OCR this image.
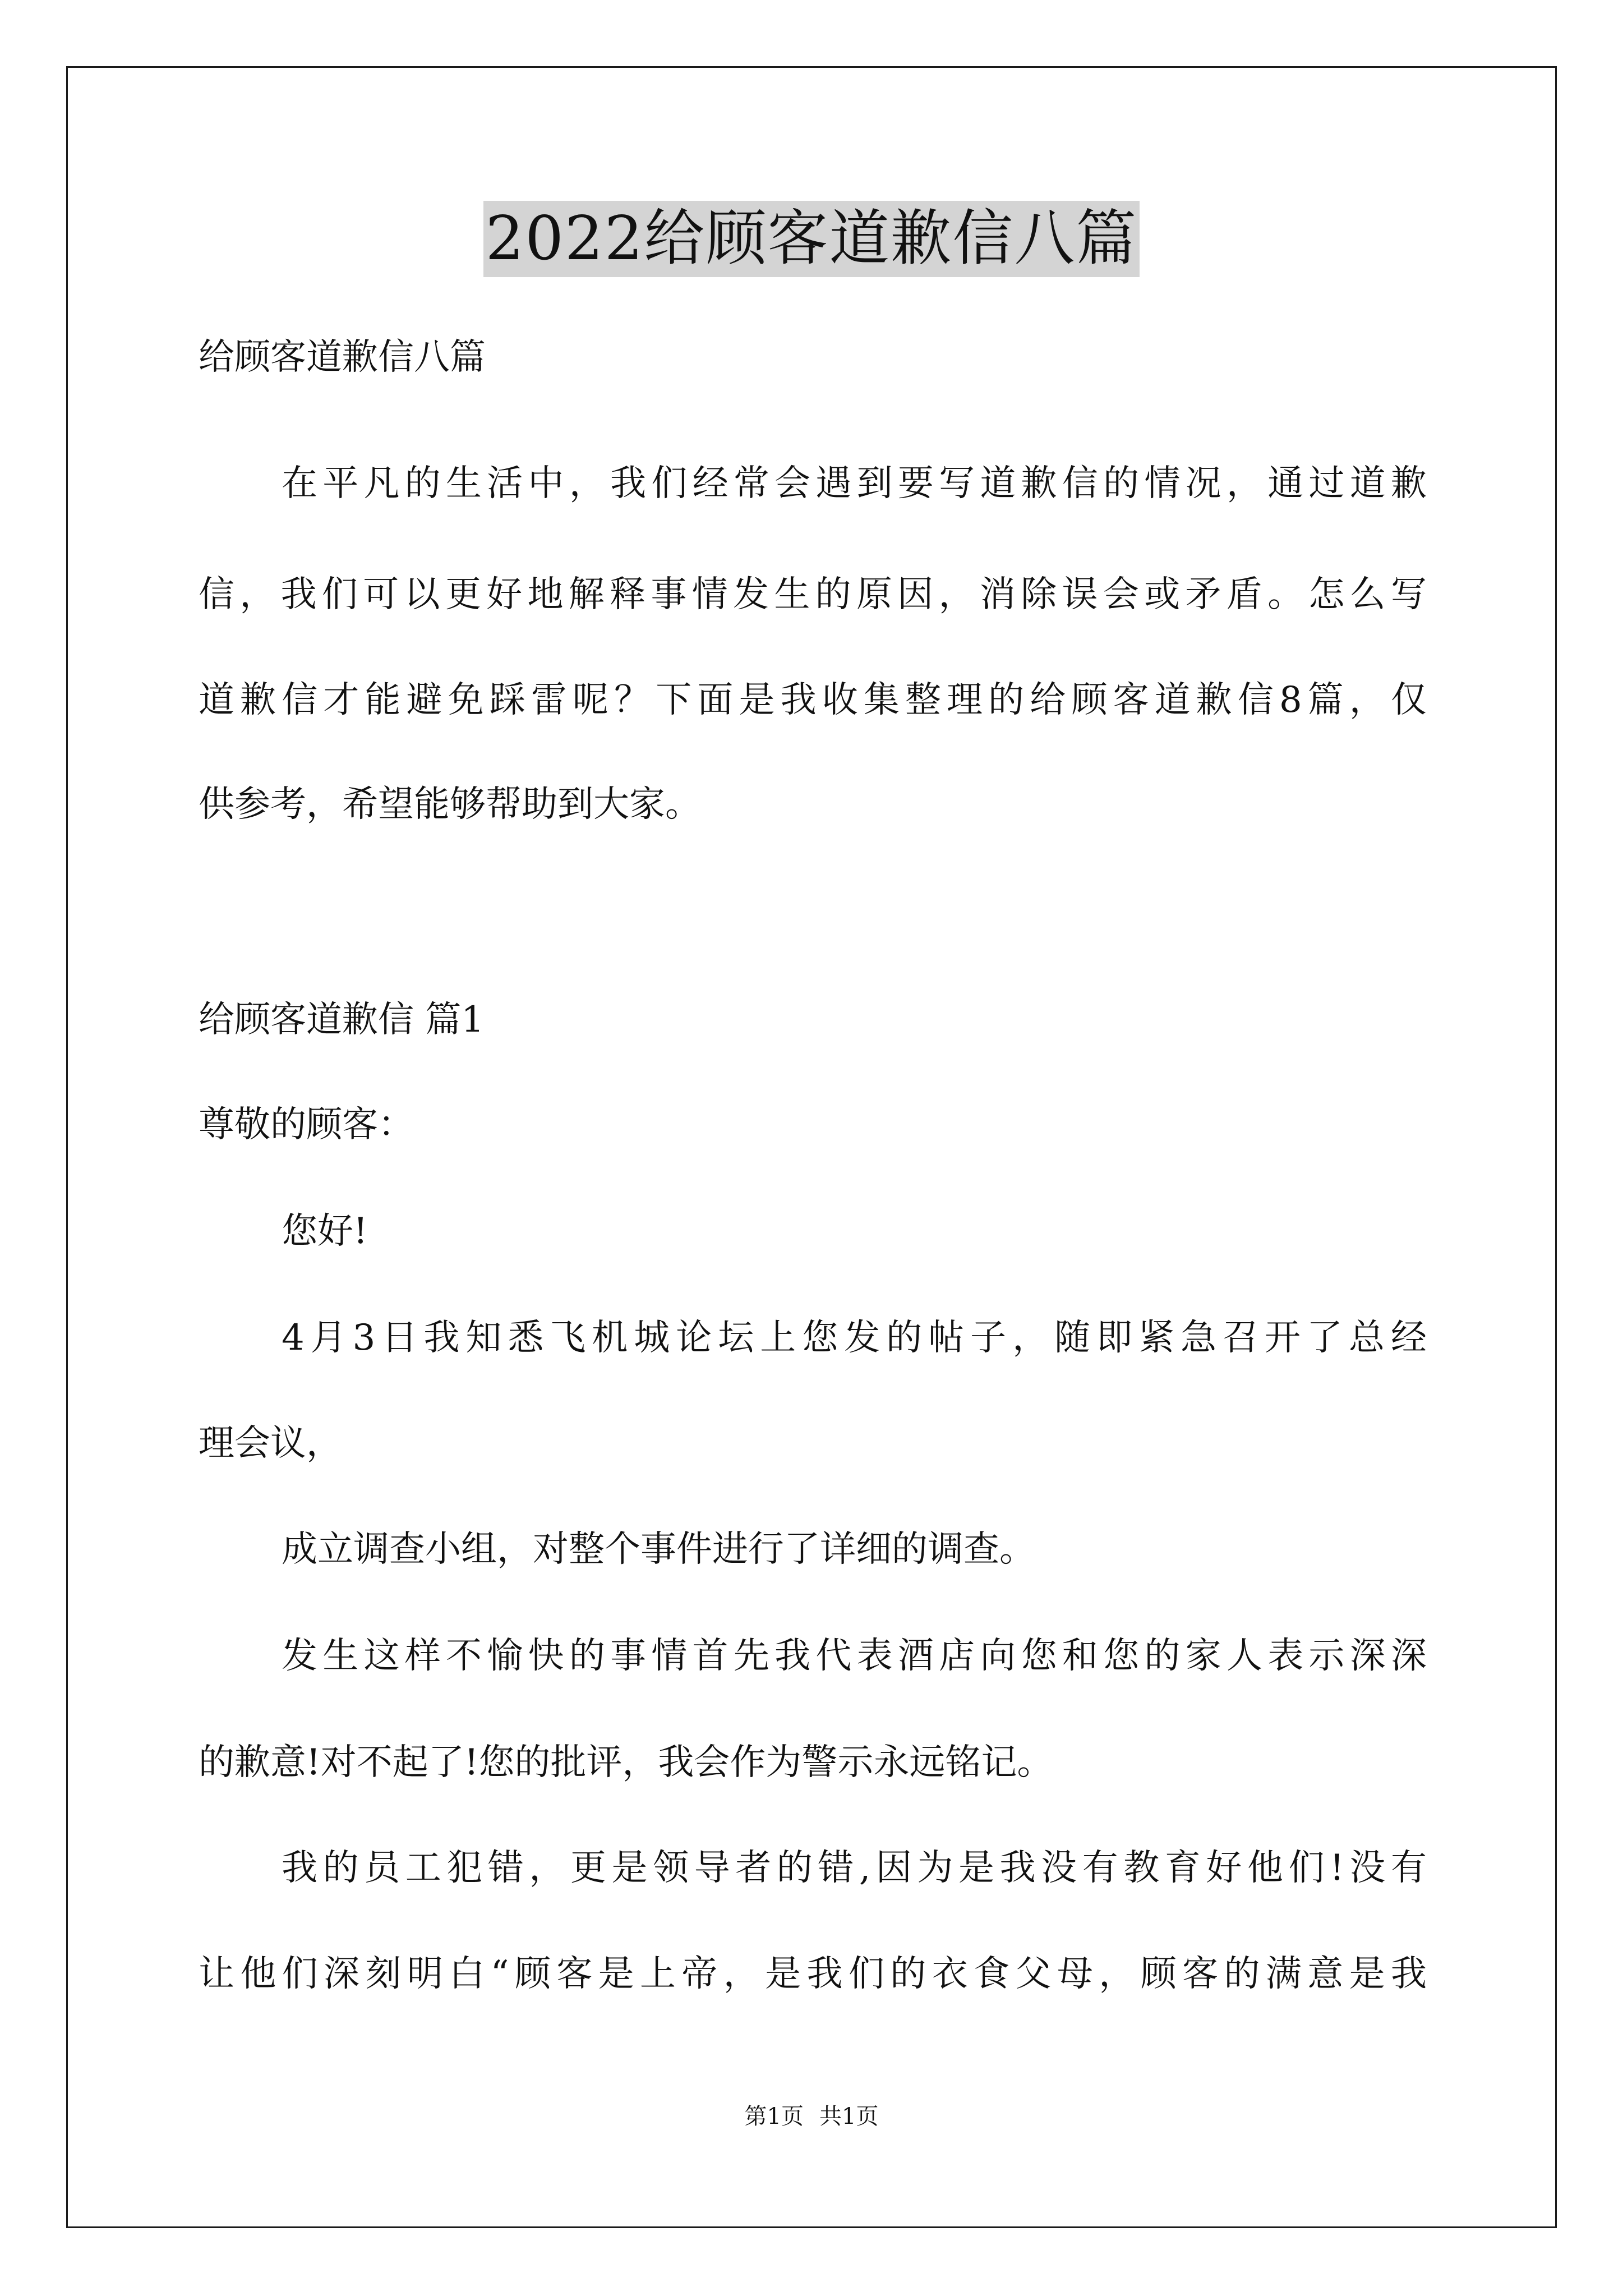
2022给顾客道歉信八篇
给顾客道歉信八篇
在平凡的生活中，我们经常会遇到要写道歉信的情况，通过道歉
信，我们可以更好地解释事情发生的原因，消除误会或矛盾。怎么写
道歉信才能避免踩雷呢？下面是我收集整理的给顾客道歉信8篇，仅
供参考，希望能够帮助到大家。
给顾客道歉信 篇1
尊敬的顾客：
您好!
4月3日我知悉飞机城论坛上您发的帖子，随即紧急召开了总经
理会议，
成立调查小组，对整个事件进行了详细的调查。
发生这样不愉快的事情首先我代表酒店向您和您的家人表示深深
的歉意!对不起了!您的批评，我会作为警示永远铭记。
我的员工犯错，更是领导者的错,因为是我没有教育好他们!没有
让他们深刻明白“顾客是上帝，是我们的衣食父母，顾客的满意是我
第1页 共1页
